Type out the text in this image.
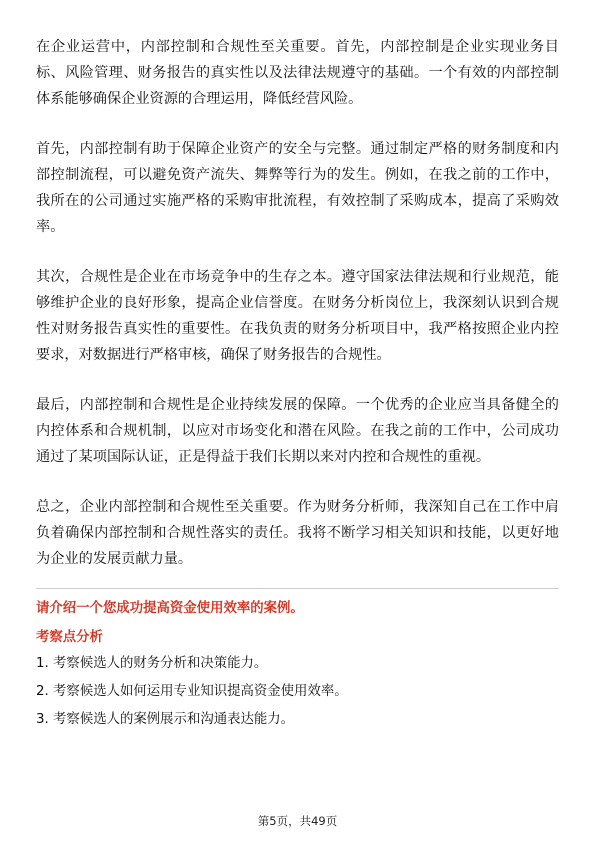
在企业运营中，内部控制和合规性至关重要。首先，内部控制是企业实现业务目标、风险管理、财务报告的真实性以及法律法规遵守的基础。一个有效的内部控制体系能够确保企业资源的合理运用，降低经营风险。

首先，内部控制有助于保障企业资产的安全与完整。通过制定严格的财务制度和内部控制流程，可以避免资产流失、舞弊等行为的发生。例如，在我之前的工作中，我所在的公司通过实施严格的采购审批流程，有效控制了采购成本，提高了采购效率。

其次，合规性是企业在市场竞争中的生存之本。遵守国家法律法规和行业规范，能够维护企业的良好形象，提高企业信誉度。在财务分析岗位上，我深刻认识到合规性对财务报告真实性的重要性。在我负责的财务分析项目中，我严格按照企业内控要求，对数据进行严格审核，确保了财务报告的合规性。

最后，内部控制和合规性是企业持续发展的保障。一个优秀的企业应当具备健全的内控体系和合规机制，以应对市场变化和潜在风险。在我之前的工作中，公司成功通过了某项国际认证，正是得益于我们长期以来对内控和合规性的重视。

总之，企业内部控制和合规性至关重要。作为财务分析师，我深知自己在工作中肩负着确保内部控制和合规性落实的责任。我将不断学习相关知识和技能，以更好地为企业的发展贡献力量。

请介绍一个您成功提高资金使用效率的案例。
考察点分析
1. 考察候选人的财务分析和决策能力。
2. 考察候选人如何运用专业知识提高资金使用效率。
3. 考察候选人的案例展示和沟通表达能力。
第5页，共49页
